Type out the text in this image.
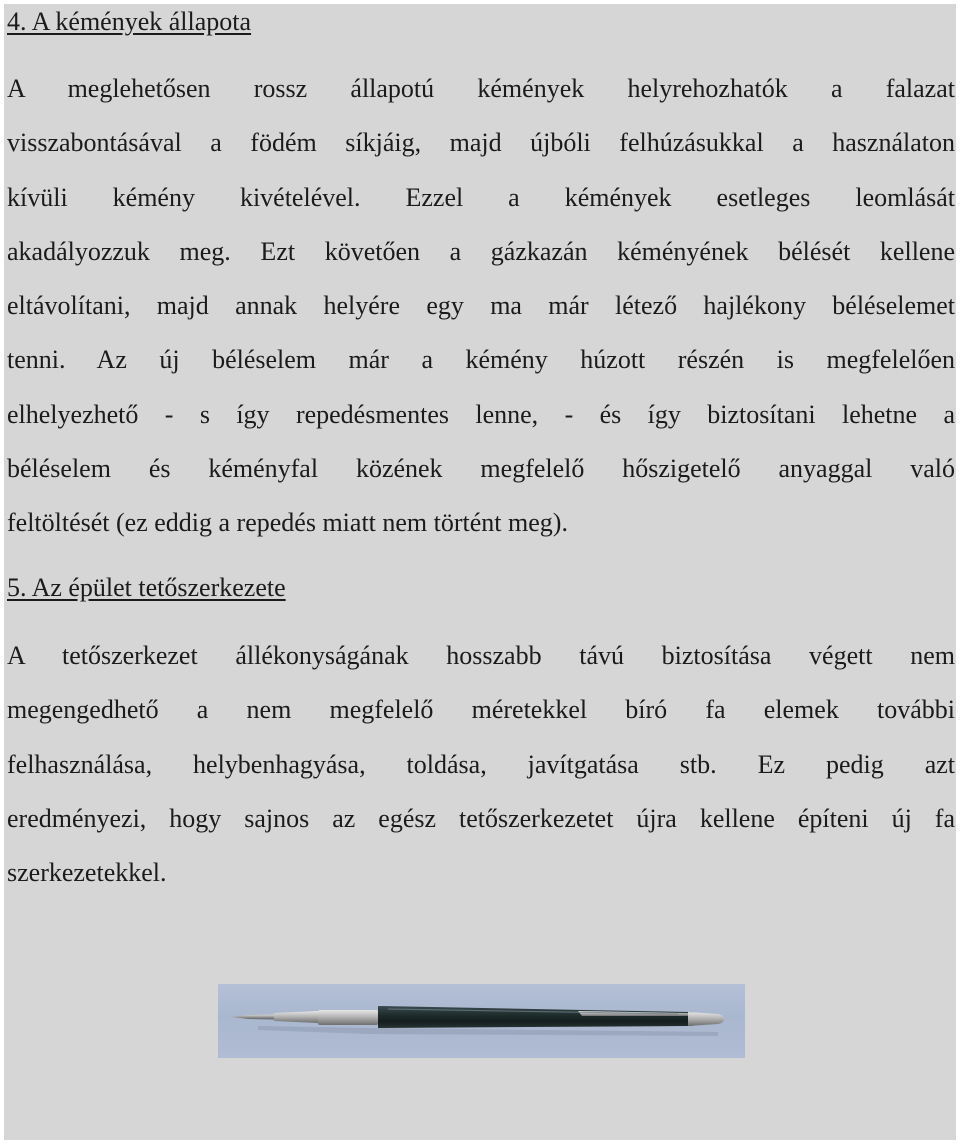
4. A kémények állapota
A meglehetősen rossz állapotú kémények helyrehozhatók a falazat
visszabontásával a födém síkjáig, majd újbóli felhúzásukkal a használaton
kívüli kémény kivételével. Ezzel a kémények esetleges leomlását
akadályozzuk meg. Ezt követően a gázkazán kéményének bélését kellene
eltávolítani, majd annak helyére egy ma már létező hajlékony béléselemet
tenni. Az új béléselem már a kémény húzott részén is megfelelően
elhelyezhető - s így repedésmentes lenne, - és így biztosítani lehetne a
béléselem és kéményfal közének megfelelő hőszigetelő anyaggal való
feltöltését (ez eddig a repedés miatt nem történt meg).
5. Az épület tetőszerkezete
A tetőszerkezet állékonyságának hosszabb távú biztosítása végett nem
megengedhető a nem megfelelő méretekkel bíró fa elemek további
felhasználása, helybenhagyása, toldása, javítgatása stb. Ez pedig azt
eredményezi, hogy sajnos az egész tetőszerkezetet újra kellene építeni új fa
szerkezetekkel.
